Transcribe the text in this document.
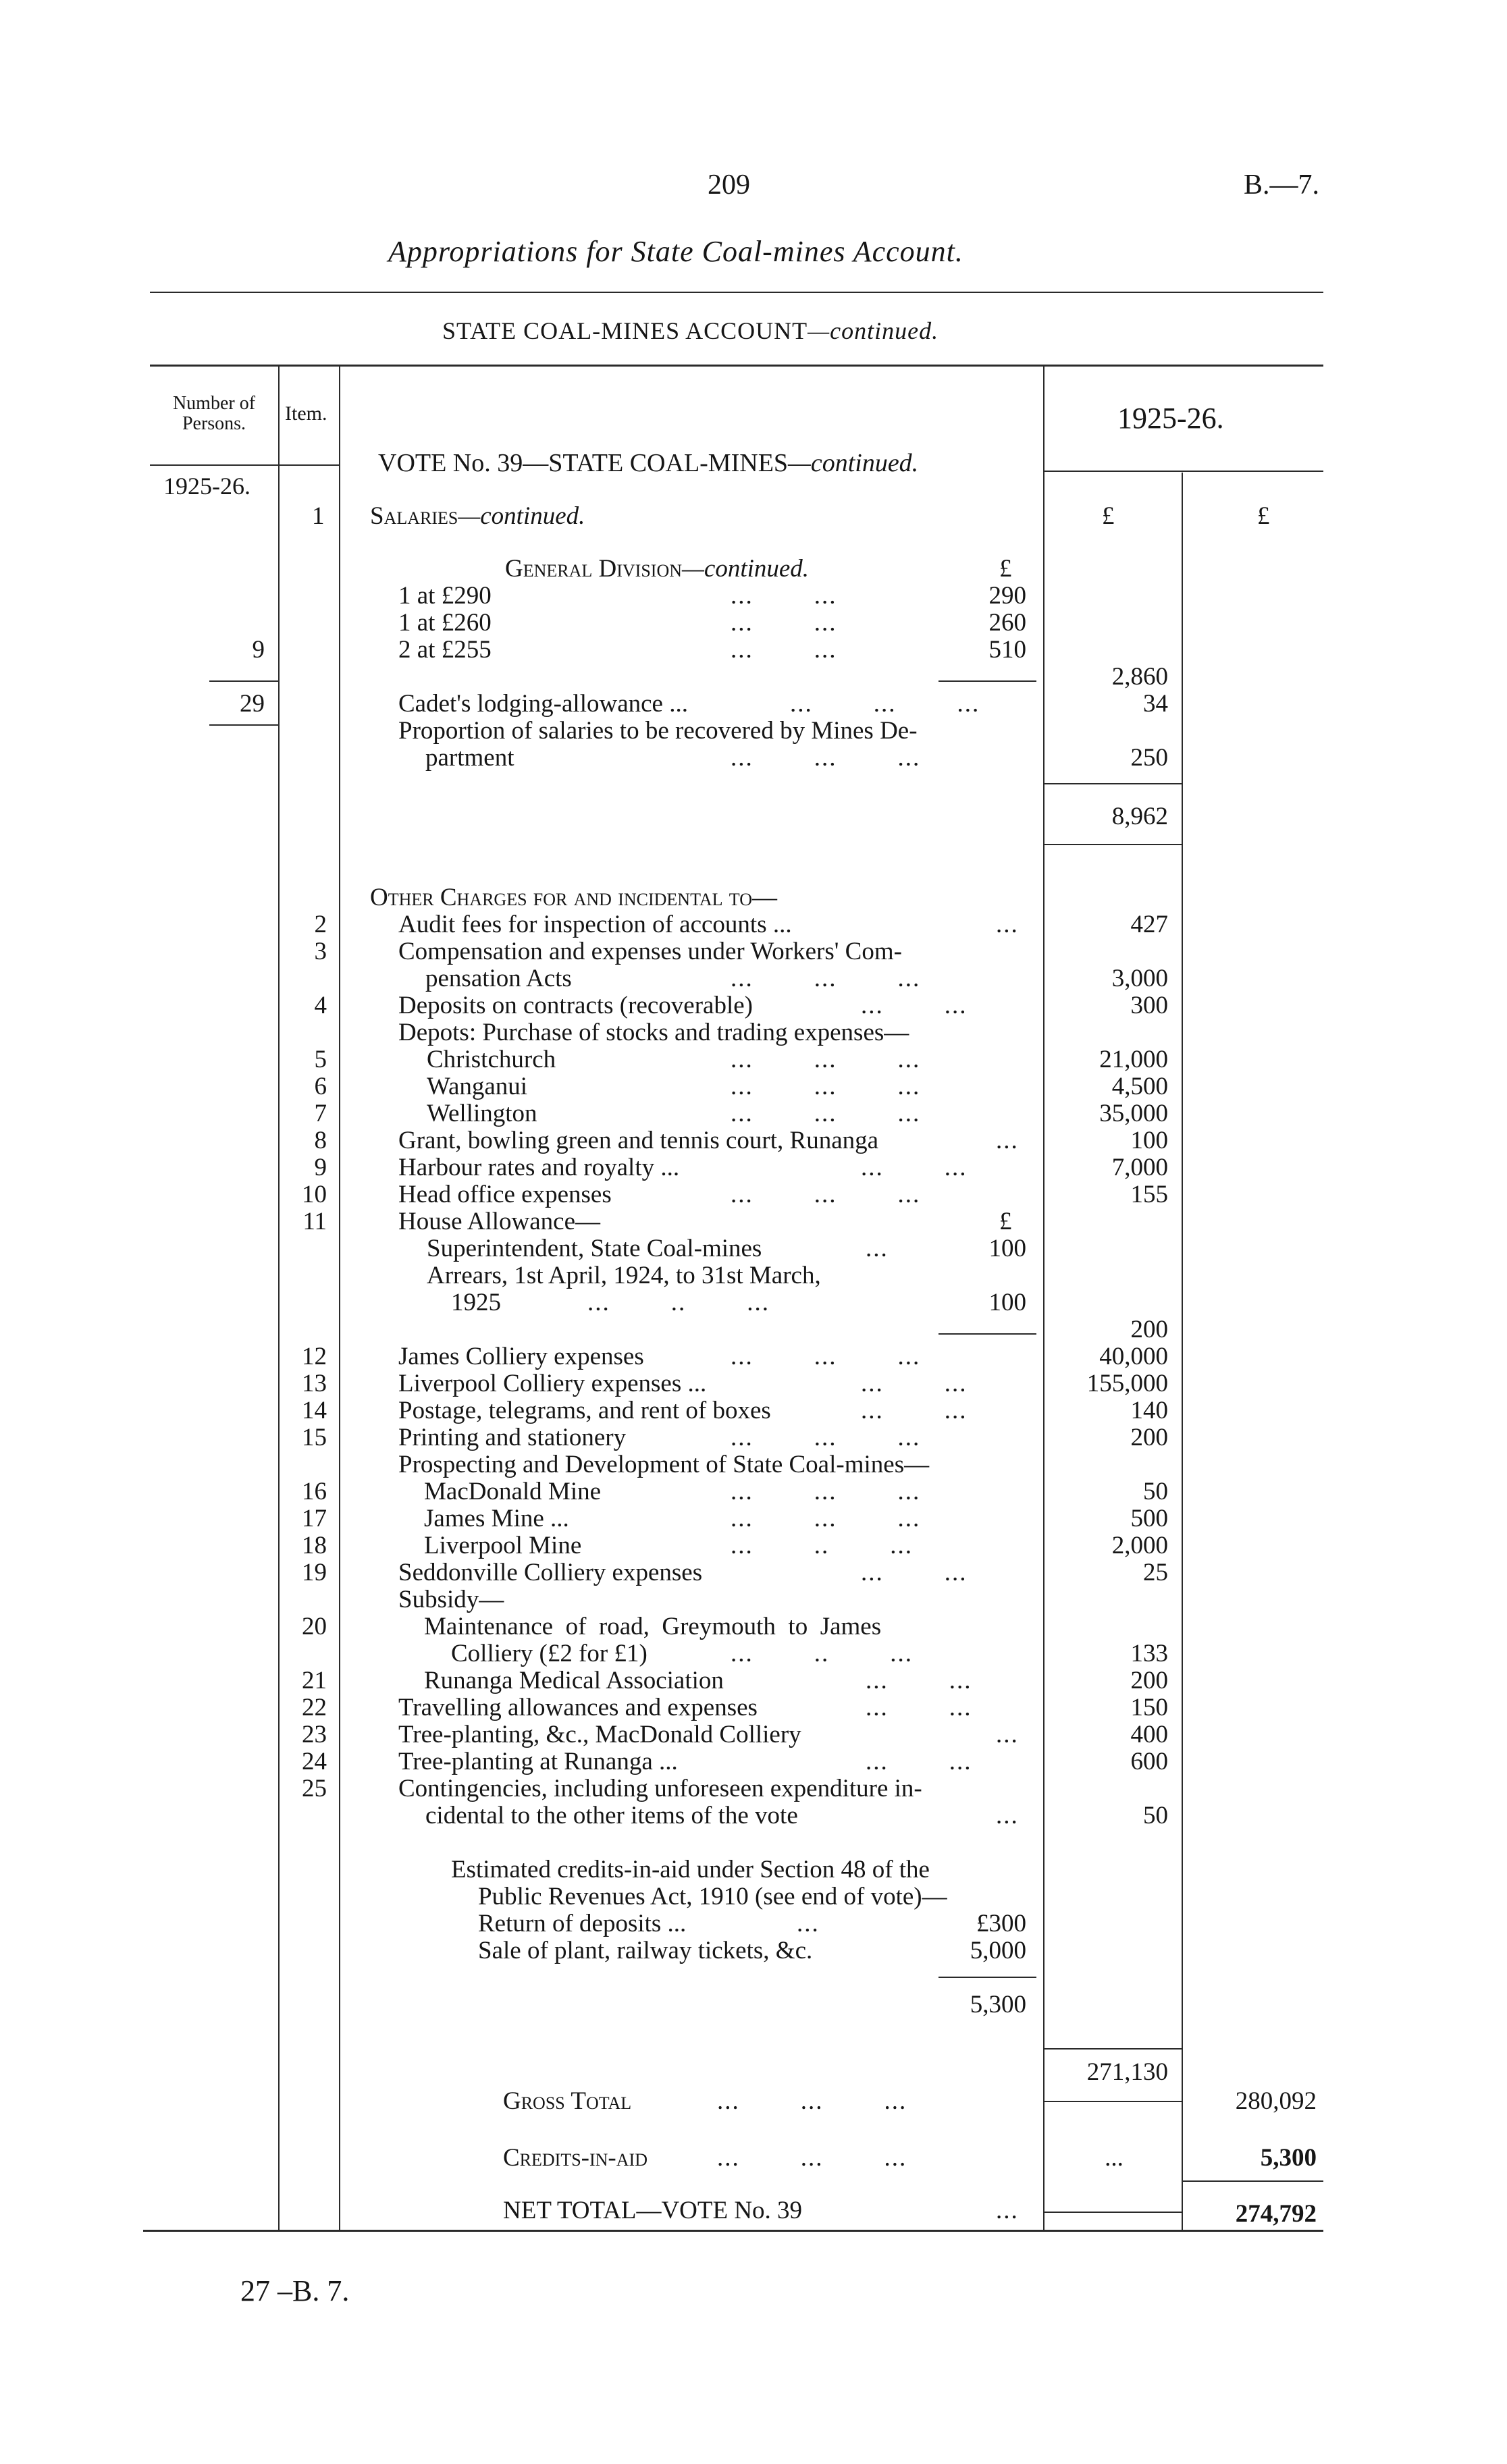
209	B.—7.
Appropriations for State Coal-mines Account.
STATE COAL-MINES ACCOUNT—continued.
Number of Persons.	Item.	1925-26.
1925-26.
£	£
VOTE No. 39—STATE COAL-MINES—continued.
1 Salaries—continued.
General Division—continued.	£
1 at £290	...        ...	290
1 at £260	...        ...	260
9	2 at £255	...        ...	510
2,860
29	Cadet's lodging-allowance ...	...        ...        ...	34
Proportion of salaries to be recovered by Mines De-
partment	...        ...        ...	250
8,962
Other Charges for and incidental to—
2	Audit fees for inspection of accounts ...	...	427
3	Compensation and expenses under Workers' Com-
pensation Acts	...        ...        ...	3,000
4	Deposits on contracts (recoverable)	...        ...	300
Depots: Purchase of stocks and trading expenses—
5	Christchurch	...        ...        ...	21,000
6	Wanganui	...        ...        ...	4,500
7	Wellington	...        ...        ...	35,000
8	Grant, bowling green and tennis court, Runanga	...	100
9	Harbour rates and royalty ...	...        ...	7,000
10	Head office expenses	...        ...        ...	155
11	House Allowance—	£
Superintendent, State Coal-mines	...	100
Arrears, 1st April, 1924, to 31st March,
1925	...        ..        ...	100
200
12	James Colliery expenses	...        ...        ...	40,000
13	Liverpool Colliery expenses ...	...        ...	155,000
14	Postage, telegrams, and rent of boxes	...        ...	140
15	Printing and stationery	...        ...        ...	200
Prospecting and Development of State Coal-mines—
16	MacDonald Mine	...        ...        ...	50
17	James Mine ...	...        ...        ...	500
18	Liverpool Mine	...        ..        ...	2,000
19	Seddonville Colliery expenses	...        ...	25
Subsidy—
20	Maintenance  of  road,  Greymouth  to  James
Colliery (£2 for £1)	...        ..        ...	133
21	Runanga Medical Association	...        ...	200
22	Travelling allowances and expenses	...        ...	150
23	Tree-planting, &c., MacDonald Colliery	...	400
24	Tree-planting at Runanga ...	...        ...	600
25	Contingencies, including unforeseen expenditure in-
cidental to the other items of the vote	...	50
Estimated credits-in-aid under Section 48 of the
Public Revenues Act, 1910 (see end of vote)—
Return of deposits ...	...	£300
Sale of plant, railway tickets, &c.	5,000
5,300
271,130
Gross Total	...        ...        ...	280,092
Credits-in-aid	...        ...        ...	...	5,300
NET TOTAL—VOTE No. 39	...	274,792
27 –B. 7.
